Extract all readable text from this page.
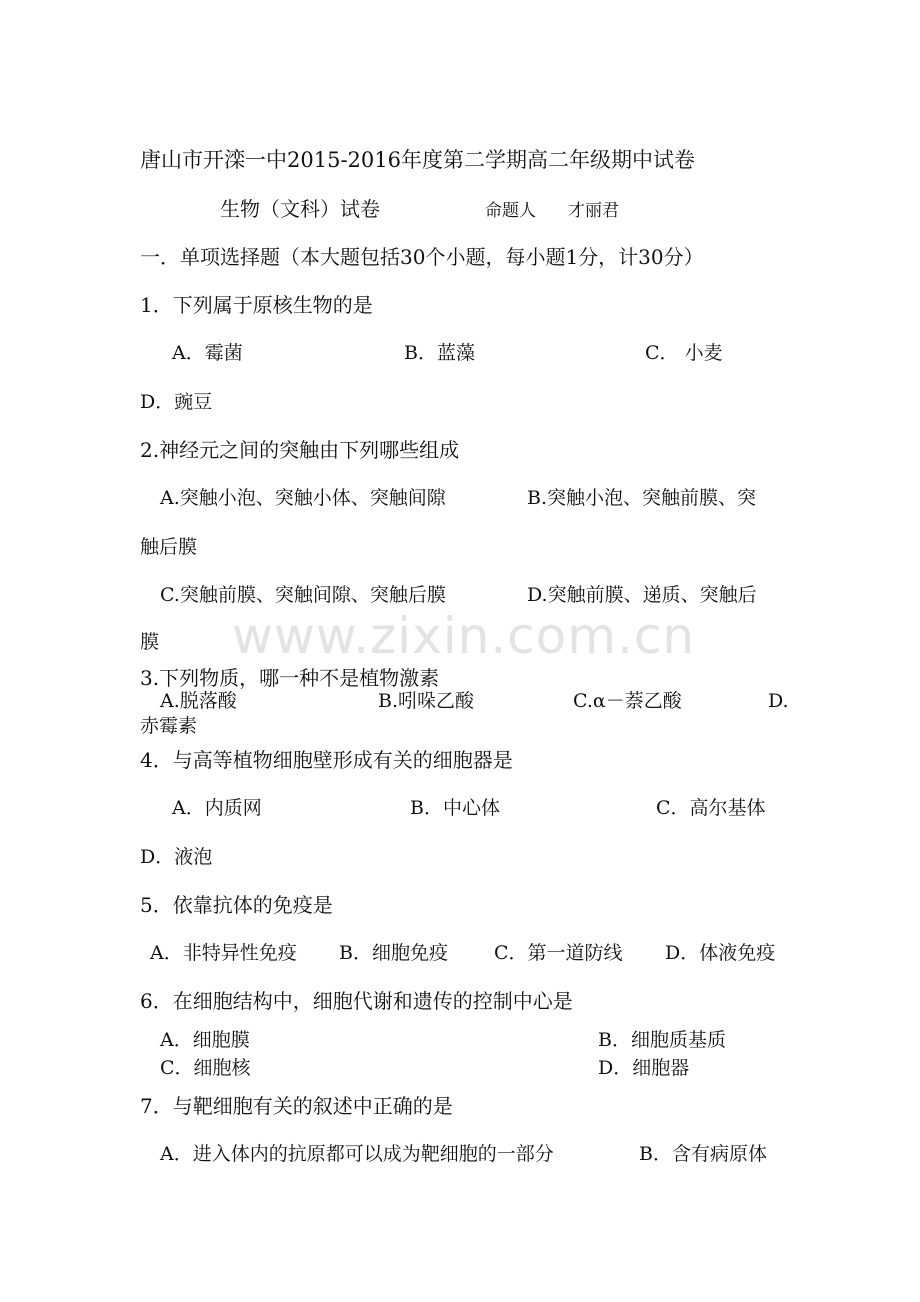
唐山市开滦一中2015-2016年度第二学期高二年级期中试卷
生物（文科）试卷	命题人 才丽君
一．单项选择题（本大题包括30个小题，每小题1分，计30分）
1．下列属于原核生物的是
A．霉菌	B．蓝藻	C． 小麦
D．豌豆
2.神经元之间的突触由下列哪些组成
A.突触小泡、突触小体、突触间隙	B.突触小泡、突触前膜、突
触后膜
C.突触前膜、突触间隙、突触后膜	D.突触前膜、递质、突触后
膜
3.下列物质，哪一种不是植物激素
A.脱落酸	B.吲哚乙酸	C.α－萘乙酸	D.
赤霉素
4．与高等植物细胞壁形成有关的细胞器是
A．内质网	B．中心体	C．高尔基体
D．液泡
5．依靠抗体的免疫是
A．非特异性免疫 B．细胞免疫 C．第一道防线 D．体液免疫
6．在细胞结构中，细胞代谢和遗传的控制中心是
A．细胞膜	B．细胞质基质
C．细胞核	D．细胞器
7．与靶细胞有关的叙述中正确的是
A．进入体内的抗原都可以成为靶细胞的一部分	B．含有病原体
www.zixin.com.cn
